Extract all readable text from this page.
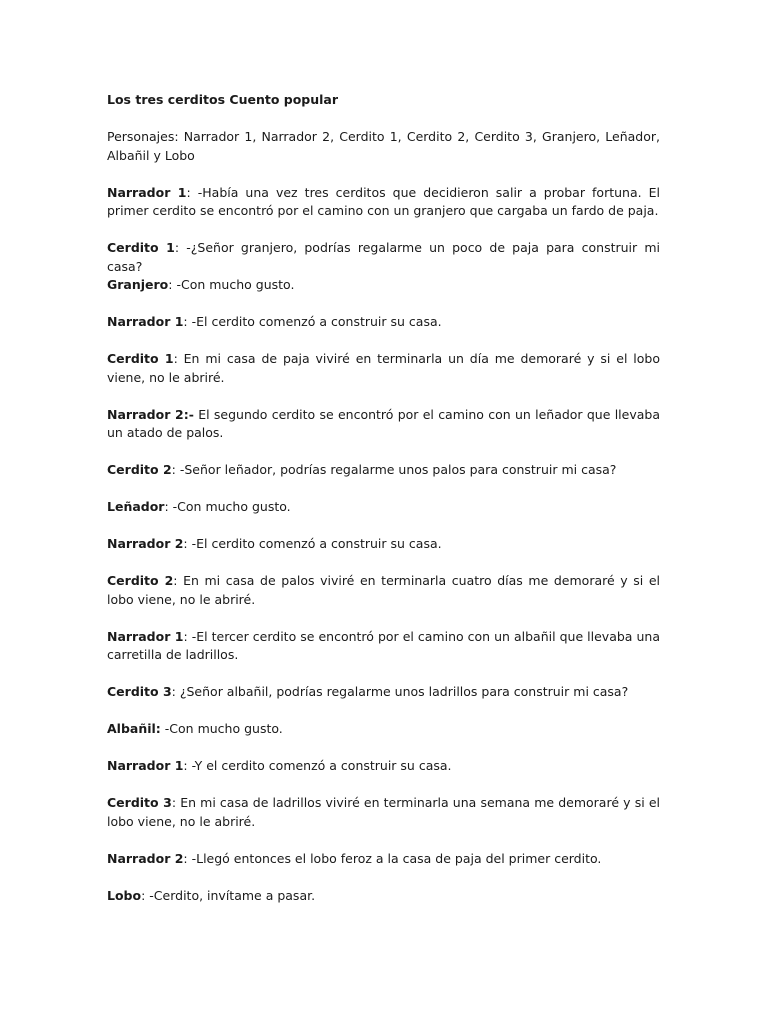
Los tres cerditos Cuento popular

Personajes: Narrador 1, Narrador 2, Cerdito 1, Cerdito 2, Cerdito 3, Granjero, Leñador, Albañil y Lobo

Narrador 1: -Había una vez tres cerditos que decidieron salir a probar fortuna. El primer cerdito se encontró por el camino con un granjero que cargaba un fardo de paja.

Cerdito 1: -¿Señor granjero, podrías regalarme un poco de paja para construir mi casa?

Granjero: -Con mucho gusto.

Narrador 1: -El cerdito comenzó a construir su casa.

Cerdito 1: En mi casa de paja viviré en terminarla un día me demoraré y si el lobo viene, no le abriré.

Narrador 2:- El segundo cerdito se encontró por el camino con un leñador que llevaba un atado de palos.

Cerdito 2: -Señor leñador, podrías regalarme unos palos para construir mi casa?

Leñador: -Con mucho gusto.

Narrador 2: -El cerdito comenzó a construir su casa.

Cerdito 2: En mi casa de palos viviré en terminarla cuatro días me demoraré y si el lobo viene, no le abriré.

Narrador 1: -El tercer cerdito se encontró por el camino con un albañil que llevaba una carretilla de ladrillos.

Cerdito 3: ¿Señor albañil, podrías regalarme unos ladrillos para construir mi casa?

Albañil: -Con mucho gusto.

Narrador 1: -Y el cerdito comenzó a construir su casa.

Cerdito 3: En mi casa de ladrillos viviré en terminarla una semana me demoraré y si el lobo viene, no le abriré.

Narrador 2: -Llegó entonces el lobo feroz a la casa de paja del primer cerdito.

Lobo: -Cerdito, invítame a pasar.
